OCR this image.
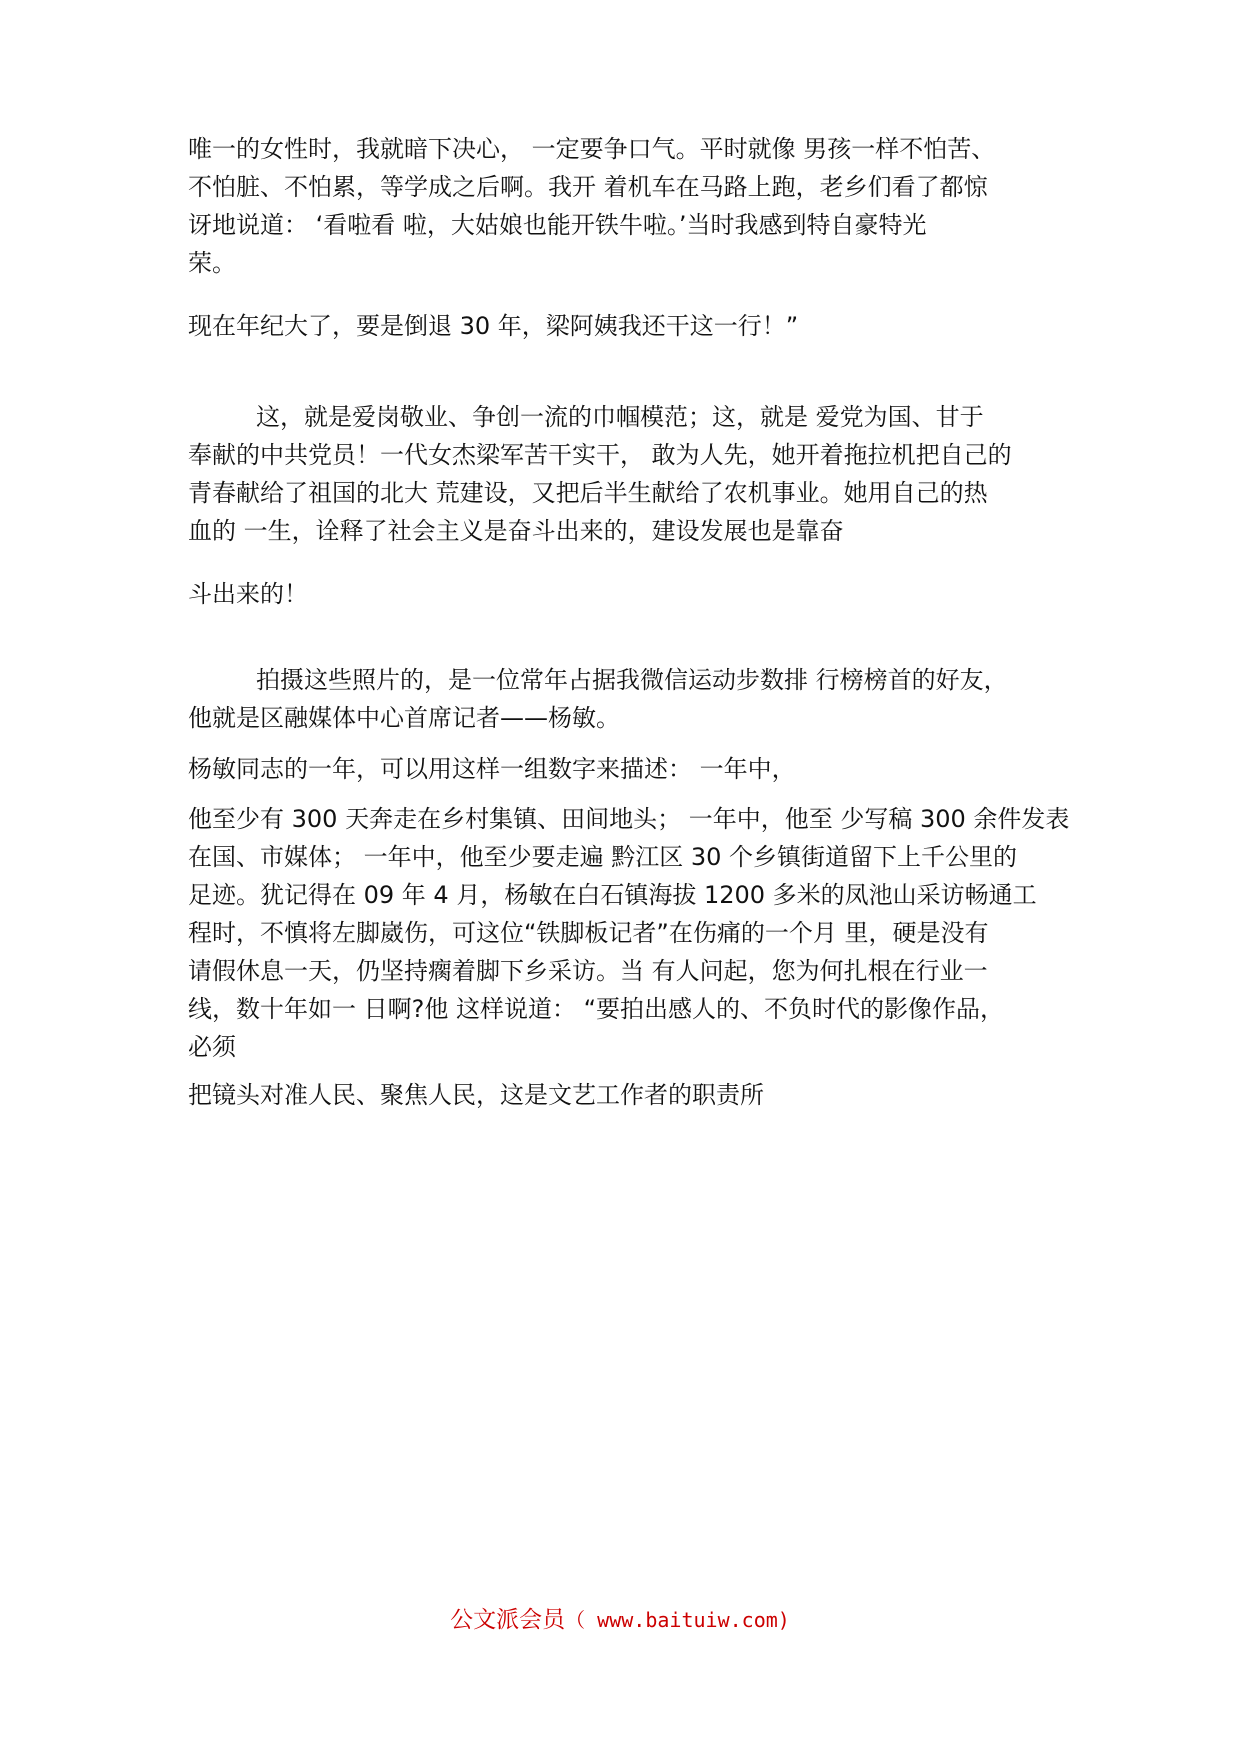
唯一的女性时，我就暗下决心， 一定要争口气。平时就像 男孩一样不怕苦、
不怕脏、不怕累，等学成之后啊。我开 着机车在马路上跑，老乡们看了都惊
讶地说道： ‘看啦看 啦，大姑娘也能开铁牛啦。’当时我感到特自豪特光
荣。

现在年纪大了，要是倒退 30 年，梁阿姨我还干这一行！”

这，就是爱岗敬业、争创一流的巾帼模范；这，就是 爱党为国、甘于
奉献的中共党员！一代女杰梁军苦干实干， 敢为人先，她开着拖拉机把自己的
青春献给了祖国的北大 荒建设，又把后半生献给了农机事业。她用自己的热
血的 一生，诠释了社会主义是奋斗出来的，建设发展也是靠奋

斗出来的！

拍摄这些照片的，是一位常年占据我微信运动步数排 行榜榜首的好友，
他就是区融媒体中心首席记者——杨敏。

杨敏同志的一年，可以用这样一组数字来描述： 一年中，

他至少有 300 天奔走在乡村集镇、田间地头； 一年中，他至 少写稿 300 余件发表
在国、市媒体； 一年中，他至少要走遍 黔江区 30 个乡镇街道留下上千公里的
足迹。犹记得在 09 年 4 月，杨敏在白石镇海拔 1200 多米的凤池山采访畅通工
程时，不慎将左脚崴伤，可这位“铁脚板记者”在伤痛的一个月 里，硬是没有
请假休息一天，仍坚持瘸着脚下乡采访。当 有人问起，您为何扎根在行业一
线，数十年如一 日啊?他 这样说道： “要拍出感人的、不负时代的影像作品，
必须

把镜头对准人民、聚焦人民，这是文艺工作者的职责所

公文派会员（ www.baituiw.com)
